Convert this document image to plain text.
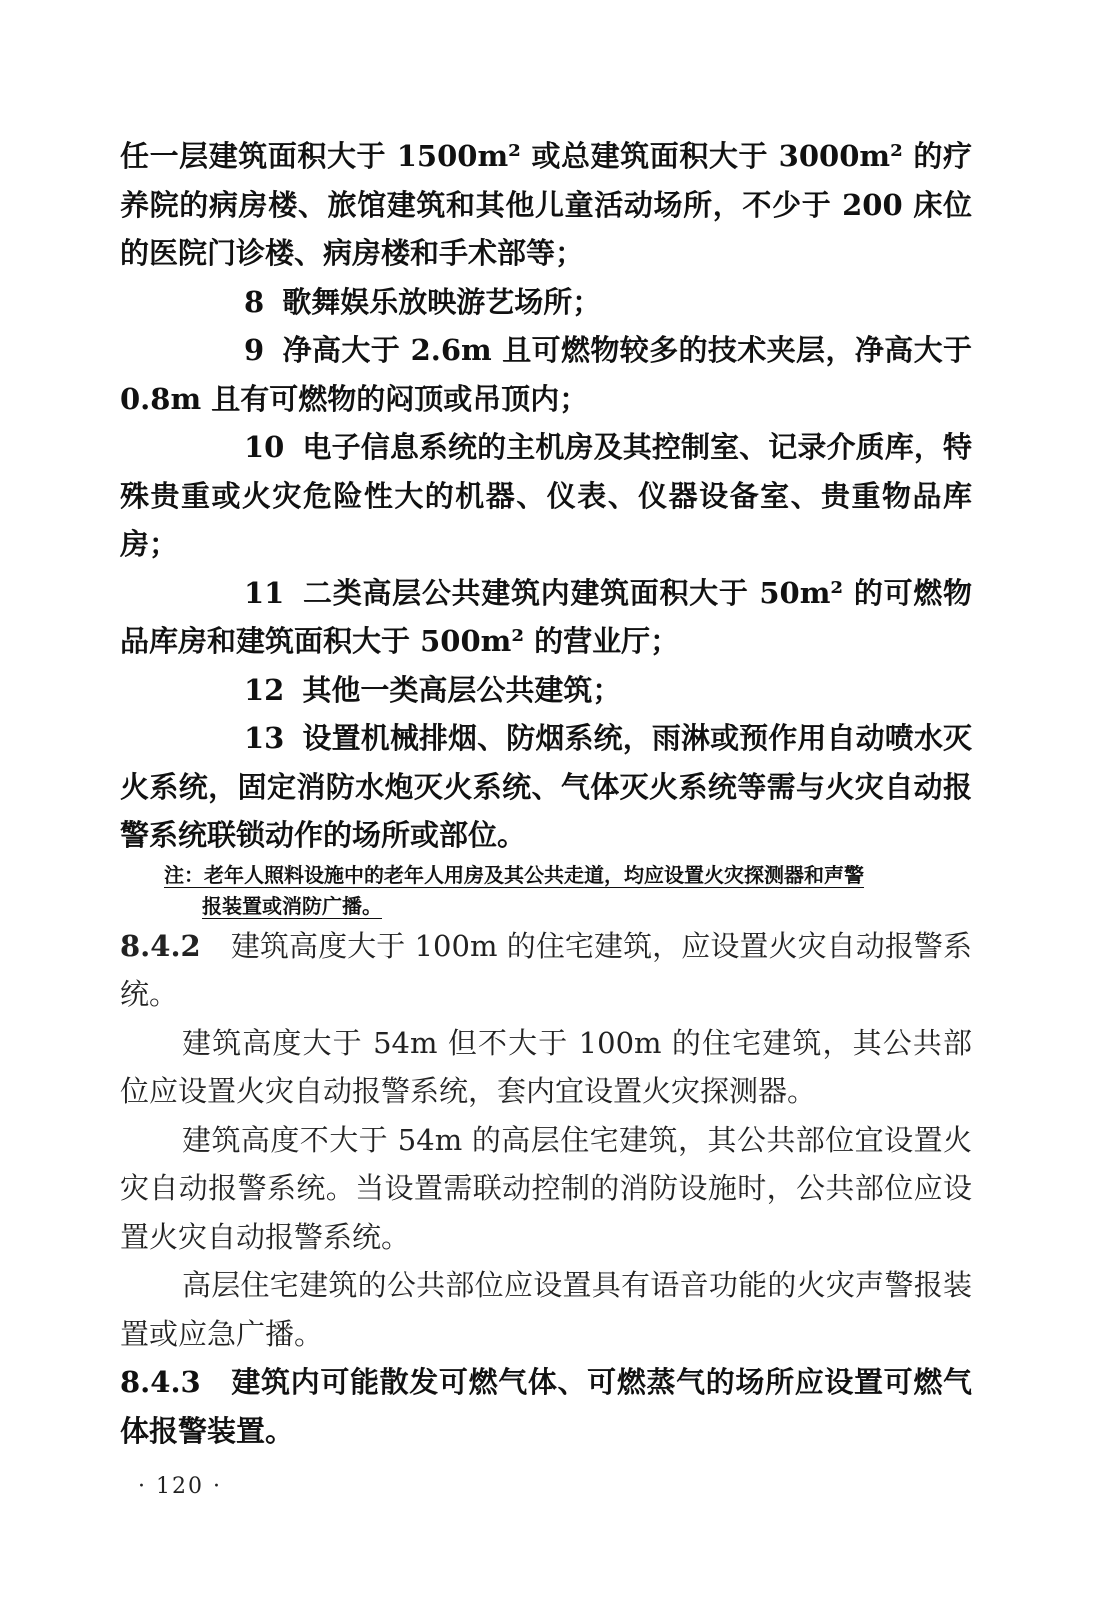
任一层建筑面积大于 1500m² 或总建筑面积大于 3000m² 的疗养院的病房楼、旅馆建筑和其他儿童活动场所，不少于 200 床位的医院门诊楼、病房楼和手术部等；

8 歌舞娱乐放映游艺场所；

9 净高大于 2.6m 且可燃物较多的技术夹层，净高大于 0.8m 且有可燃物的闷顶或吊顶内；

10 电子信息系统的主机房及其控制室、记录介质库，特殊贵重或火灾危险性大的机器、仪表、仪器设备室、贵重物品库房；

11 二类高层公共建筑内建筑面积大于 50m² 的可燃物品库房和建筑面积大于 500m² 的营业厅；

12 其他一类高层公共建筑；

13 设置机械排烟、防烟系统，雨淋或预作用自动喷水灭火系统，固定消防水炮灭火系统、气体灭火系统等需与火灾自动报警系统联锁动作的场所或部位。

注：老年人照料设施中的老年人用房及其公共走道，均应设置火灾探测器和声警

报装置或消防广播。

8.4.2 建筑高度大于 100m 的住宅建筑，应设置火灾自动报警系统。

建筑高度大于 54m 但不大于 100m 的住宅建筑，其公共部位应设置火灾自动报警系统，套内宜设置火灾探测器。

建筑高度不大于 54m 的高层住宅建筑，其公共部位宜设置火灾自动报警系统。当设置需联动控制的消防设施时，公共部位应设置火灾自动报警系统。

高层住宅建筑的公共部位应设置具有语音功能的火灾声警报装置或应急广播。

8.4.3 建筑内可能散发可燃气体、可燃蒸气的场所应设置可燃气体报警装置。

· 120 ·
